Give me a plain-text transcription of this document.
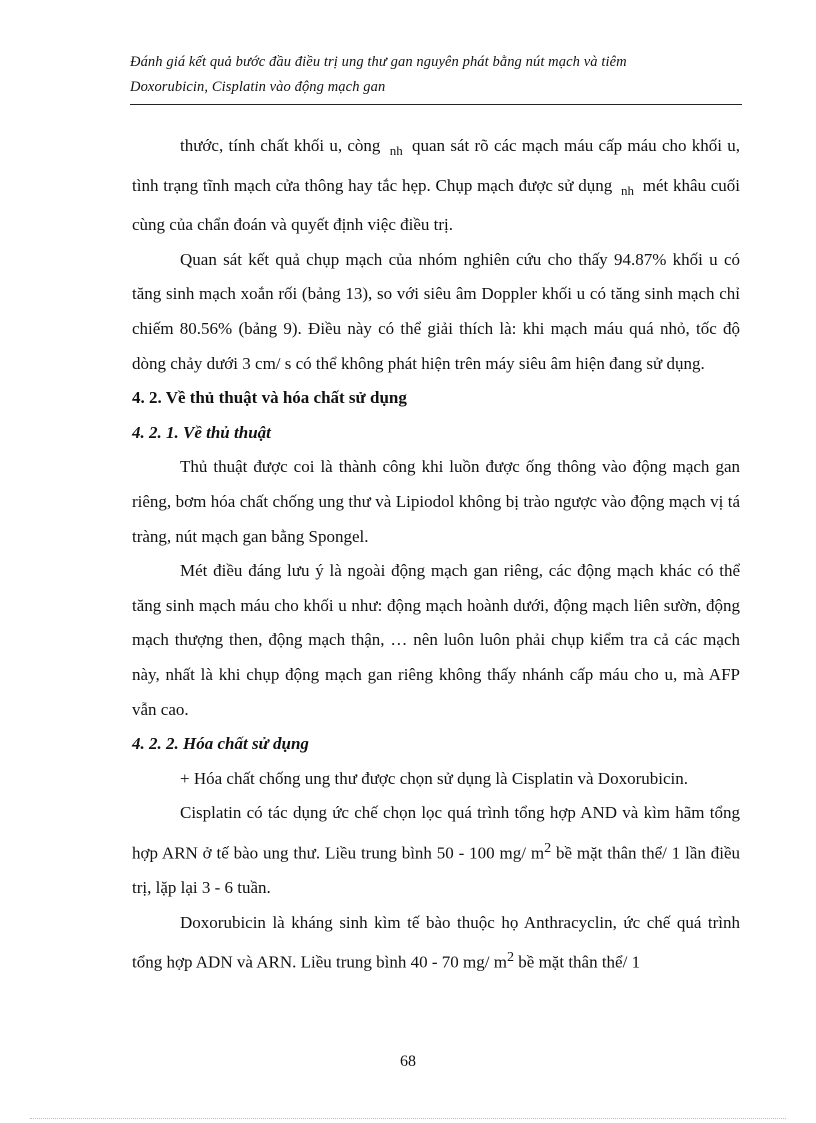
Đánh giá kết quả bước đầu điều trị ung thư gan nguyên phát bằng nút mạch và tiêm
Doxorubicin, Cisplatin vào động mạch gan

thước, tính chất khối u, còng $_{nh}$ quan sát rõ các mạch máu cấp máu cho khối u, tình trạng tĩnh mạch cửa thông hay tắc hẹp. Chụp mạch được sử dụng $_{nh}$ mét khâu cuối cùng của chẩn đoán và quyết định việc điều trị.

Quan sát kết quả chụp mạch của nhóm nghiên cứu cho thấy 94.87% khối u có tăng sinh mạch xoắn rối (bảng 13), so với siêu âm Doppler khối u có tăng sinh mạch chỉ chiếm 80.56% (bảng 9). Điều này có thể giải thích là: khi mạch máu quá nhỏ, tốc độ dòng chảy dưới 3 cm/ s có thể không phát hiện trên máy siêu âm hiện đang sử dụng.

4. 2. Về thủ thuật và hóa chất sử dụng

4. 2. 1. Về thủ thuật

Thủ thuật được coi là thành công khi luồn được ống thông vào động mạch gan riêng, bơm hóa chất chống ung thư và Lipiodol không bị trào ngược vào động mạch vị tá tràng, nút mạch gan bằng Spongel.

Mét điều đáng lưu ý là ngoài động mạch gan riêng, các động mạch khác có thể tăng sinh mạch máu cho khối u như: động mạch hoành dưới, động mạch liên sườn, động mạch thượng then, động mạch thận, … nên luôn luôn phải chụp kiểm tra cả các mạch này, nhất là khi chụp động mạch gan riêng không thấy nhánh cấp máu cho u, mà AFP vẫn cao.

4. 2. 2. Hóa chất sử dụng

+ Hóa chất chống ung thư được chọn sử dụng là Cisplatin và Doxorubicin.

Cisplatin có tác dụng ức chế chọn lọc quá trình tổng hợp AND và kìm hãm tổng hợp ARN ở tế bào ung thư. Liều trung bình 50 - 100 mg/ $m^2$ bề mặt thân thể/ 1 lần điều trị, lặp lại 3 - 6 tuần.

Doxorubicin là kháng sinh kìm tế bào thuộc họ Anthracyclin, ức chế quá trình tổng hợp ADN và ARN. Liều trung bình 40 - 70 mg/ $m^2$ bề mặt thân thể/ 1

68
